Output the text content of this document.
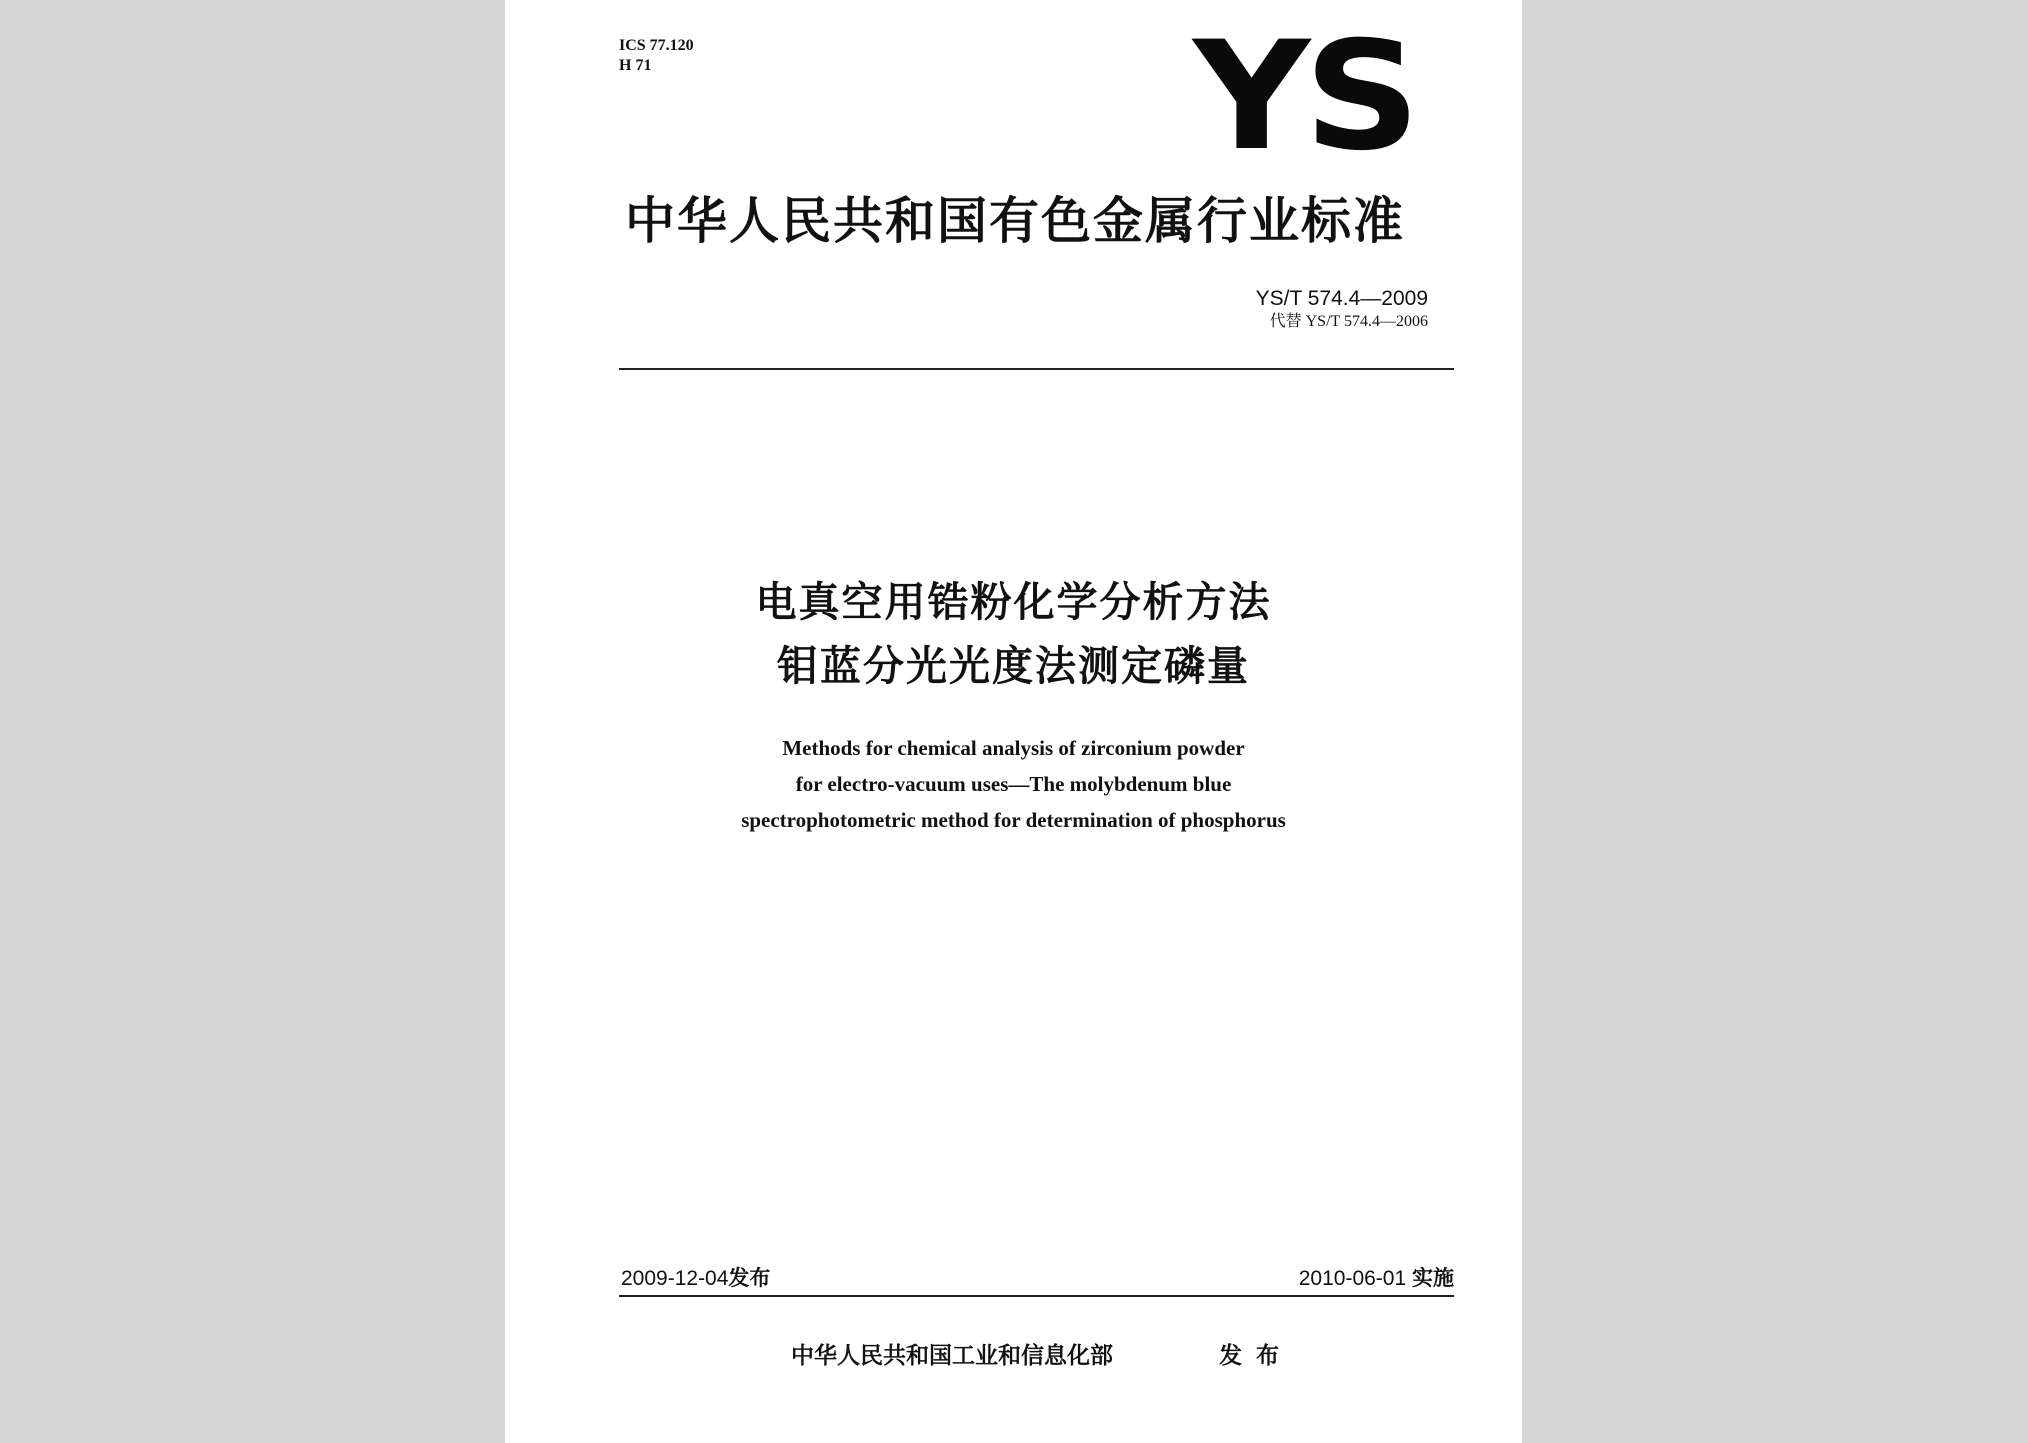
ICS 77.120
H 71	YS
中华人民共和国有色金属行业标准
YS/T 574.4—2009
代替 YS/T 574.4—2006
电真空用锆粉化学分析方法
钼蓝分光光度法测定磷量
Methods for chemical analysis of zirconium powder
for electro-vacuum uses—The molybdenum blue
spectrophotometric method for determination of phosphorus
2009-12-04发布	2010-06-01 实施
中华人民共和国工业和信息化部	发布
